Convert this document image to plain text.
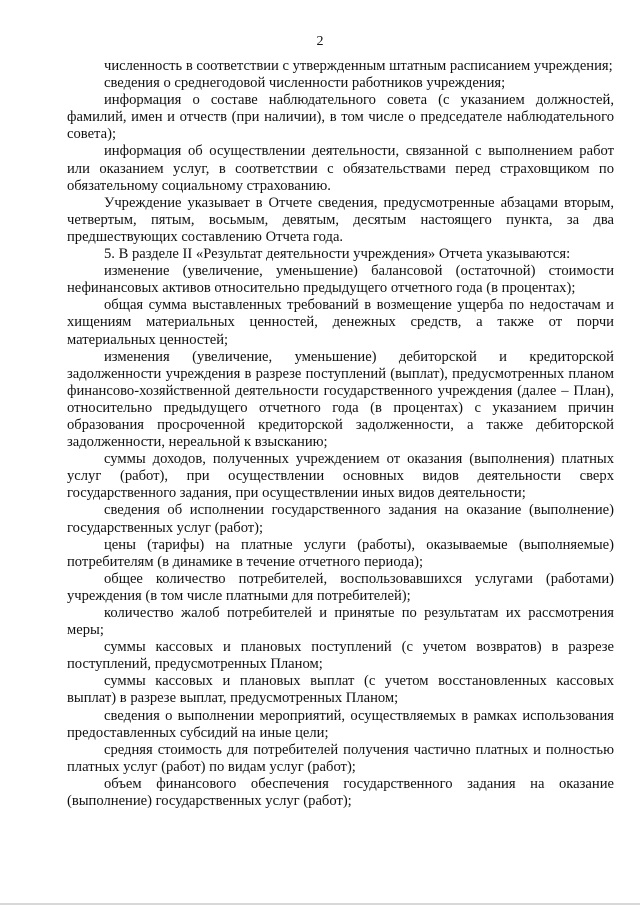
2

численность в соответствии с утвержденным штатным расписанием учреждения;

сведения о среднегодовой численности работников учреждения;

информация о составе наблюдательного совета (с указанием должностей, фамилий, имен и отчеств (при наличии), в том числе о председателе наблюдательного совета);

информация об осуществлении деятельности, связанной с выполнением работ или оказанием услуг, в соответствии с обязательствами перед страховщиком по обязательному социальному страхованию.

Учреждение указывает в Отчете сведения, предусмотренные абзацами вторым, четвертым, пятым, восьмым, девятым, десятым настоящего пункта, за два предшествующих составлению Отчета года.

5. В разделе II «Результат деятельности учреждения» Отчета указываются:

изменение (увеличение, уменьшение) балансовой (остаточной) стоимости нефинансовых активов относительно предыдущего отчетного года (в процентах);

общая сумма выставленных требований в возмещение ущерба по недостачам и хищениям материальных ценностей, денежных средств, а также от порчи материальных ценностей;

изменения (увеличение, уменьшение) дебиторской и кредиторской задолженности учреждения в разрезе поступлений (выплат), предусмотренных планом финансово-хозяйственной деятельности государственного учреждения (далее – План), относительно предыдущего отчетного года (в процентах) с указанием причин образования просроченной кредиторской задолженности, а также дебиторской задолженности, нереальной к взысканию;

суммы доходов, полученных учреждением от оказания (выполнения) платных услуг (работ), при осуществлении основных видов деятельности сверх государственного задания, при осуществлении иных видов деятельности;

сведения об исполнении государственного задания на оказание (выполнение) государственных услуг (работ);

цены (тарифы) на платные услуги (работы), оказываемые (выполняемые) потребителям (в динамике в течение отчетного периода);

общее количество потребителей, воспользовавшихся услугами (работами) учреждения (в том числе платными для потребителей);

количество жалоб потребителей и принятые по результатам их рассмотрения меры;

суммы кассовых и плановых поступлений (с учетом возвратов) в разрезе поступлений, предусмотренных Планом;

суммы кассовых и плановых выплат (с учетом восстановленных кассовых выплат) в разрезе выплат, предусмотренных Планом;

сведения о выполнении мероприятий, осуществляемых в рамках использования предоставленных субсидий на иные цели;

средняя стоимость для потребителей получения частично платных и полностью платных услуг (работ) по видам услуг (работ);

объем финансового обеспечения государственного задания на оказание (выполнение) государственных услуг (работ);
